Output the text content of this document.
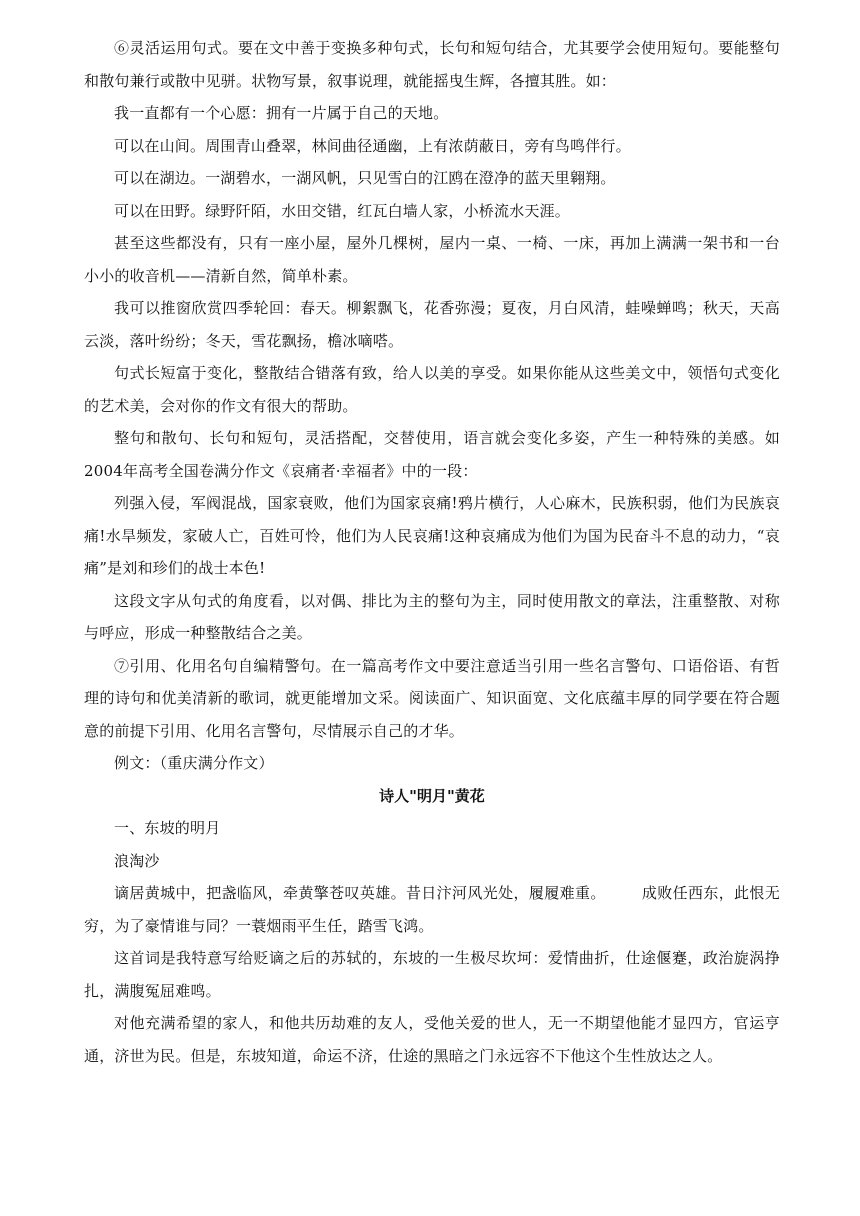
⑥灵活运用句式。要在文中善于变换多种句式，长句和短句结合，尤其要学会使用短句。要能整句和散句兼行或散中见骈。状物写景，叙事说理，就能摇曳生辉，各擅其胜。如：

我一直都有一个心愿：拥有一片属于自己的天地。

可以在山间。周围青山叠翠，林间曲径通幽，上有浓荫蔽日，旁有鸟鸣伴行。

可以在湖边。一湖碧水，一湖风帆，只见雪白的江鸥在澄净的蓝天里翱翔。

可以在田野。绿野阡陌，水田交错，红瓦白墙人家，小桥流水天涯。

甚至这些都没有，只有一座小屋，屋外几棵树，屋内一桌、一椅、一床，再加上满满一架书和一台小小的收音机——清新自然，简单朴素。

我可以推窗欣赏四季轮回：春天。柳絮飘飞，花香弥漫；夏夜，月白风清，蛙噪蝉鸣；秋天，天高云淡，落叶纷纷；冬天，雪花飘扬，檐冰嘀嗒。

句式长短富于变化，整散结合错落有致，给人以美的享受。如果你能从这些美文中，领悟句式变化的艺术美，会对你的作文有很大的帮助。

整句和散句、长句和短句，灵活搭配，交替使用，语言就会变化多姿，产生一种特殊的美感。如2004年高考全国卷满分作文《哀痛者·幸福者》中的一段：

列强入侵，军阀混战，国家衰败，他们为国家哀痛!鸦片横行，人心麻木，民族积弱，他们为民族哀痛!水旱频发，家破人亡，百姓可怜，他们为人民哀痛!这种哀痛成为他们为国为民奋斗不息的动力，“哀痛”是刘和珍们的战士本色!

这段文字从句式的角度看，以对偶、排比为主的整句为主，同时使用散文的章法，注重整散、对称与呼应，形成一种整散结合之美。

⑦引用、化用名句自编精警句。在一篇高考作文中要注意适当引用一些名言警句、口语俗语、有哲理的诗句和优美清新的歌词，就更能增加文采。阅读面广、知识面宽、文化底蕴丰厚的同学要在符合题意的前提下引用、化用名言警句，尽情展示自己的才华。

例文：（重庆满分作文）

诗人"明月"黄花

一、东坡的明月

浪淘沙

谪居黄城中，把盏临风，牵黄擎苍叹英雄。昔日汴河风光处，履履难重。 成败任西东，此恨无穷，为了豪情谁与同？一蓑烟雨平生任，踏雪飞鸿。

这首词是我特意写给贬谪之后的苏轼的，东坡的一生极尽坎坷：爱情曲折，仕途偃蹇，政治旋涡挣扎，满腹冤屈难鸣。

对他充满希望的家人，和他共历劫难的友人，受他关爱的世人，无一不期望他能才显四方，官运亨通，济世为民。但是，东坡知道，命运不济，仕途的黑暗之门永远容不下他这个生性放达之人。
